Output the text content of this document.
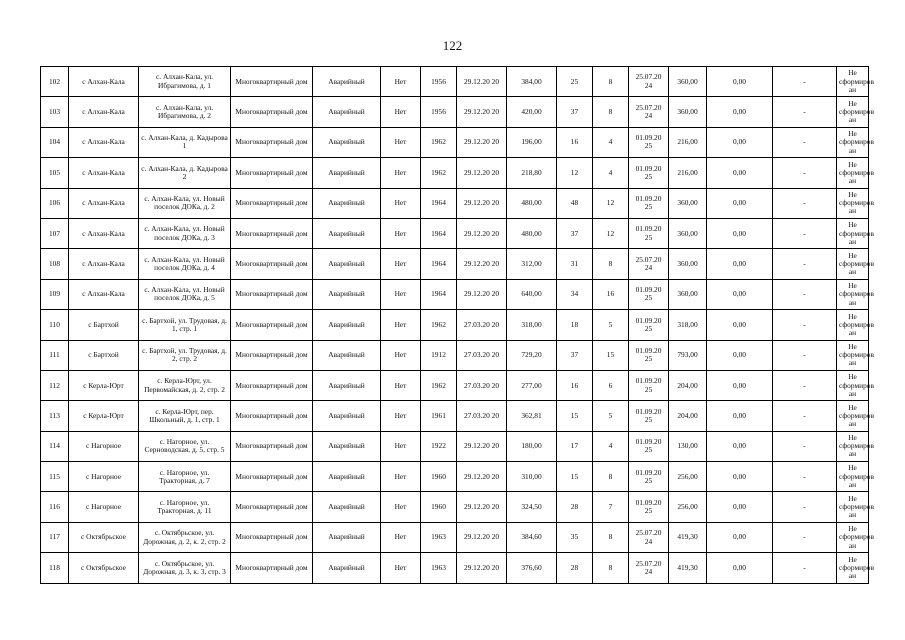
122
102	с Алхан-Кала	с. Алхан-Кала, ул. Ибрагимова, д. 1	Многоквартирный дом	Аварийный	Нет	1956	29.12.20 20	384,00	25	8	25.07.20 24	360,00	0,00	-	Не сформиров ан
103	с Алхан-Кала	с. Алхан-Кала, ул. Ибрагимова, д. 2	Многоквартирный дом	Аварийный	Нет	1956	29.12.20 20	420,00	37	8	25.07.20 24	360,00	0,00	-	Не сформиров ан
104	с Алхан-Кала	с. Алхан-Кала, д. Кадырова 1	Многоквартирный дом	Аварийный	Нет	1962	29.12.20 20	196,00	16	4	01.09.20 25	216,00	0,00	-	Не сформиров ан
105	с Алхан-Кала	с. Алхан-Кала, д. Кадырова 2	Многоквартирный дом	Аварийный	Нет	1962	29.12.20 20	218,80	12	4	01.09.20 25	216,00	0,00	-	Не сформиров ан
106	с Алхан-Кала	с. Алхан-Кала, ул. Новый поселок ДОКа, д. 2	Многоквартирный дом	Аварийный	Нет	1964	29.12.20 20	480,00	48	12	01.09.20 25	360,00	0,00	-	Не сформиров ан
107	с Алхан-Кала	с. Алхан-Кала, ул. Новый поселок ДОКа, д. 3	Многоквартирный дом	Аварийный	Нет	1964	29.12.20 20	480,00	37	12	01.09.20 25	360,00	0,00	-	Не сформиров ан
108	с Алхан-Кала	с. Алхан-Кала, ул. Новый поселок ДОКа, д. 4	Многоквартирный дом	Аварийный	Нет	1964	29.12.20 20	312,00	31	8	25.07.20 24	360,00	0,00	-	Не сформиров ан
109	с Алхан-Кала	с. Алхан-Кала, ул. Новый поселок ДОКа, д. 5	Многоквартирный дом	Аварийный	Нет	1964	29.12.20 20	640,00	34	16	01.09.20 25	360,00	0,00	-	Не сформиров ан
110	с Бартхой	с. Бартхой, ул. Трудовая, д. 1, стр. 1	Многоквартирный дом	Аварийный	Нет	1962	27.03.20 20	318,00	18	5	01.09.20 25	318,00	0,00	-	Не сформиров ан
111	с Бартхой	с. Бартхой, ул. Трудовая, д. 2, стр. 2	Многоквартирный дом	Аварийный	Нет	1912	27.03.20 20	729,20	37	15	01.09.20 25	793,00	0,00	-	Не сформиров ан
112	с Керла-Юрт	с. Керла-Юрт, ул. Первомайская, д. 2, стр. 2	Многоквартирный дом	Аварийный	Нет	1962	27.03.20 20	277,00	16	6	01.09.20 25	204,00	0,00	-	Не сформиров ан
113	с Керла-Юрт	с. Керла-Юрт, пер. Школьный, д. 1, стр. 1	Многоквартирный дом	Аварийный	Нет	1961	27.03.20 20	362,81	15	5	01.09.20 25	204,00	0,00	-	Не сформиров ан
114	с Нагорное	с. Нагорное, ул. Серноводская, д. 5, стр. 5	Многоквартирный дом	Аварийный	Нет	1922	29.12.20 20	180,00	17	4	01.09.20 25	130,00	0,00	-	Не сформиров ан
115	с Нагорное	с. Нагорное, ул. Тракторная, д. 7	Многоквартирный дом	Аварийный	Нет	1960	29.12.20 20	310,00	15	8	01.09.20 25	256,00	0,00	-	Не сформиров ан
116	с Нагорное	с. Нагорное, ул. Тракторная, д. 11	Многоквартирный дом	Аварийный	Нет	1960	29.12.20 20	324,50	28	7	01.09.20 25	256,00	0,00	-	Не сформиров ан
117	с Октябрьское	с. Октябрьское, ул. Дорожная, д. 2, к. 2, стр. 2	Многоквартирный дом	Аварийный	Нет	1963	29.12.20 20	384,60	35	8	25.07.20 24	419,30	0,00	-	Не сформиров ан
118	с Октябрьское	с. Октябрьское, ул. Дорожная, д. 3, к. 3, стр. 3	Многоквартирный дом	Аварийный	Нет	1963	29.12.20 20	376,60	28	8	25.07.20 24	419,30	0,00	-	Не сформиров ан
